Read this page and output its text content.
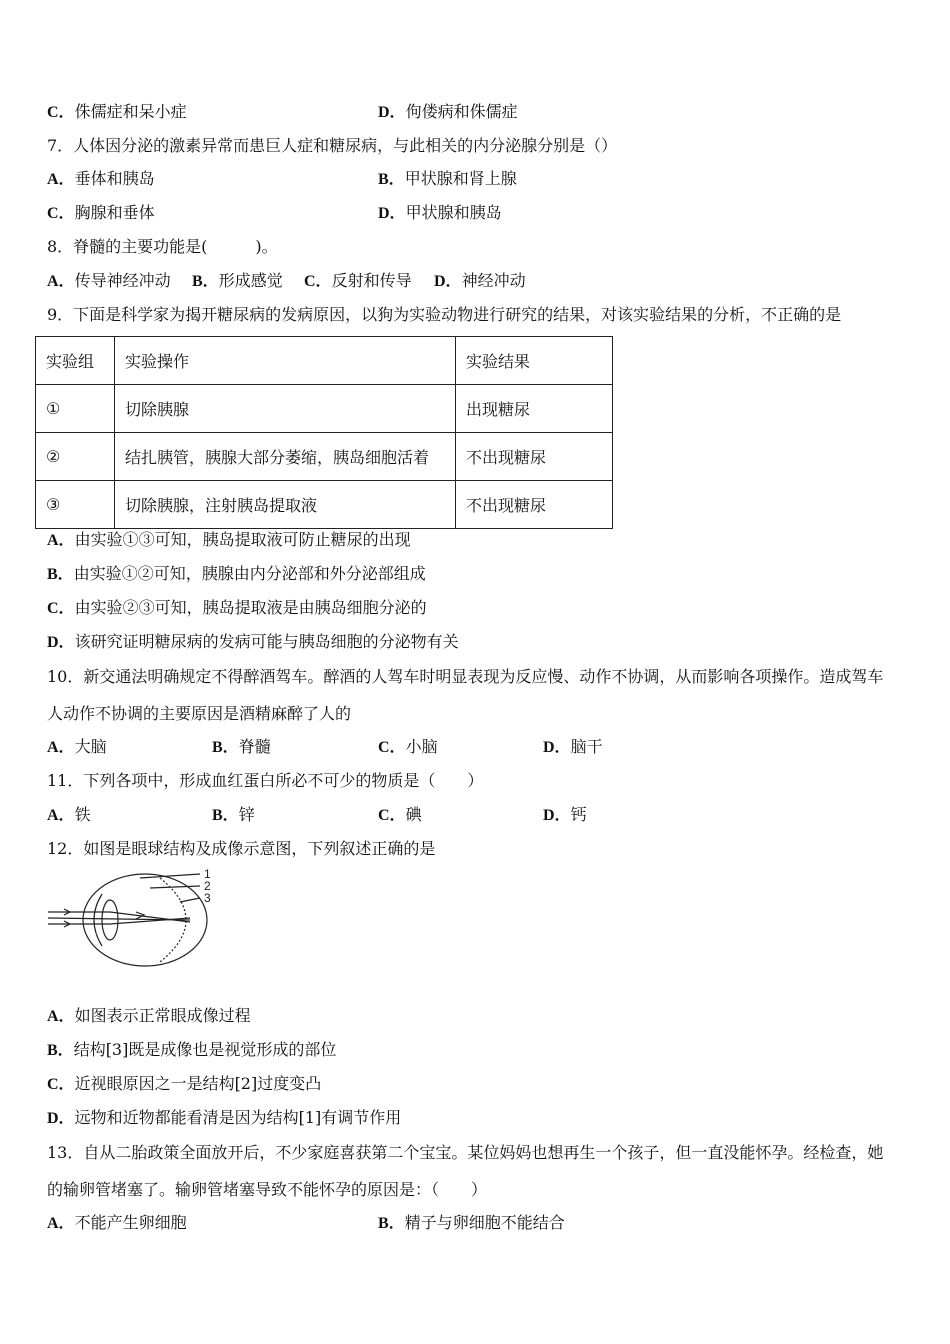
C．侏儒症和呆小症	D．佝偻病和侏儒症
7．人体因分泌的激素异常而患巨人症和糖尿病，与此相关的内分泌腺分别是（）
A．垂体和胰岛	B．甲状腺和肾上腺
C．胸腺和垂体	D．甲状腺和胰岛
8．脊髓的主要功能是(　　　)。
A．传导神经冲动 B．形成感觉 C．反射和传导 D．神经冲动
9．下面是科学家为揭开糖尿病的发病原因，以狗为实验动物进行研究的结果，对该实验结果的分析，不正确的是
实验组	实验操作	实验结果
①	切除胰腺	出现糖尿
②	结扎胰管，胰腺大部分萎缩，胰岛细胞活着	不出现糖尿
③	切除胰腺，注射胰岛提取液	不出现糖尿
A．由实验①③可知，胰岛提取液可防止糖尿的出现
B．由实验①②可知，胰腺由内分泌部和外分泌部组成
C．由实验②③可知，胰岛提取液是由胰岛细胞分泌的
D．该研究证明糖尿病的发病可能与胰岛细胞的分泌物有关
10．新交通法明确规定不得醉酒驾车。醉酒的人驾车时明显表现为反应慢、动作不协调，从而影响各项操作。造成驾车
人动作不协调的主要原因是酒精麻醉了人的
A．大脑	B．脊髓	C．小脑	D．脑干
11．下列各项中，形成血红蛋白所必不可少的物质是（　　）
A．铁	B．锌	C．碘	D．钙
12．如图是眼球结构及成像示意图，下列叙述正确的是
1
2
3
A．如图表示正常眼成像过程
B．结构[3]既是成像也是视觉形成的部位
C．近视眼原因之一是结构[2]过度变凸
D．远物和近物都能看清是因为结构[1]有调节作用
13．自从二胎政策全面放开后，不少家庭喜获第二个宝宝。某位妈妈也想再生一个孩子，但一直没能怀孕。经检查，她
的输卵管堵塞了。输卵管堵塞导致不能怀孕的原因是：（　　）
A．不能产生卵细胞	B．精子与卵细胞不能结合
